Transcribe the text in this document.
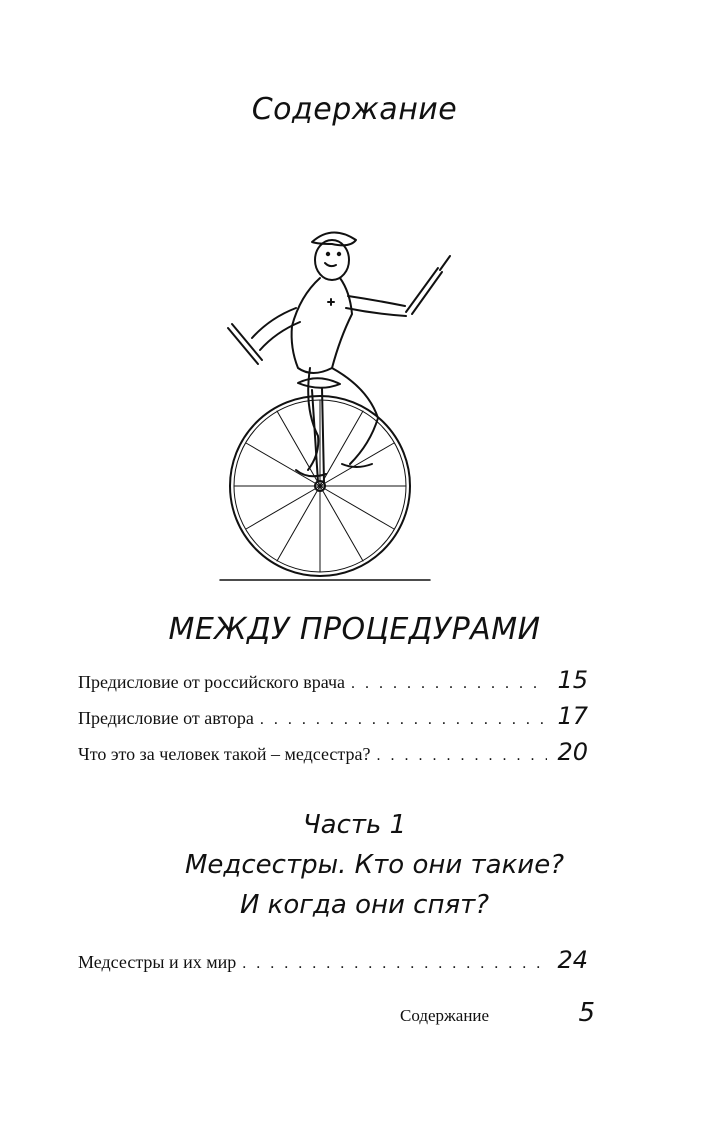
Содержание
МЕЖДУ ПРОЦЕДУРАМИ
Предисловие от российского врача . . .	15
Предисловие от автора . . .	17
Что это за человек такой – медсестра? . . .	20
Часть 1
Медсестры. Кто они такие?
И когда они спят?
Медсестры и их мир . . .	24
Содержание	5
